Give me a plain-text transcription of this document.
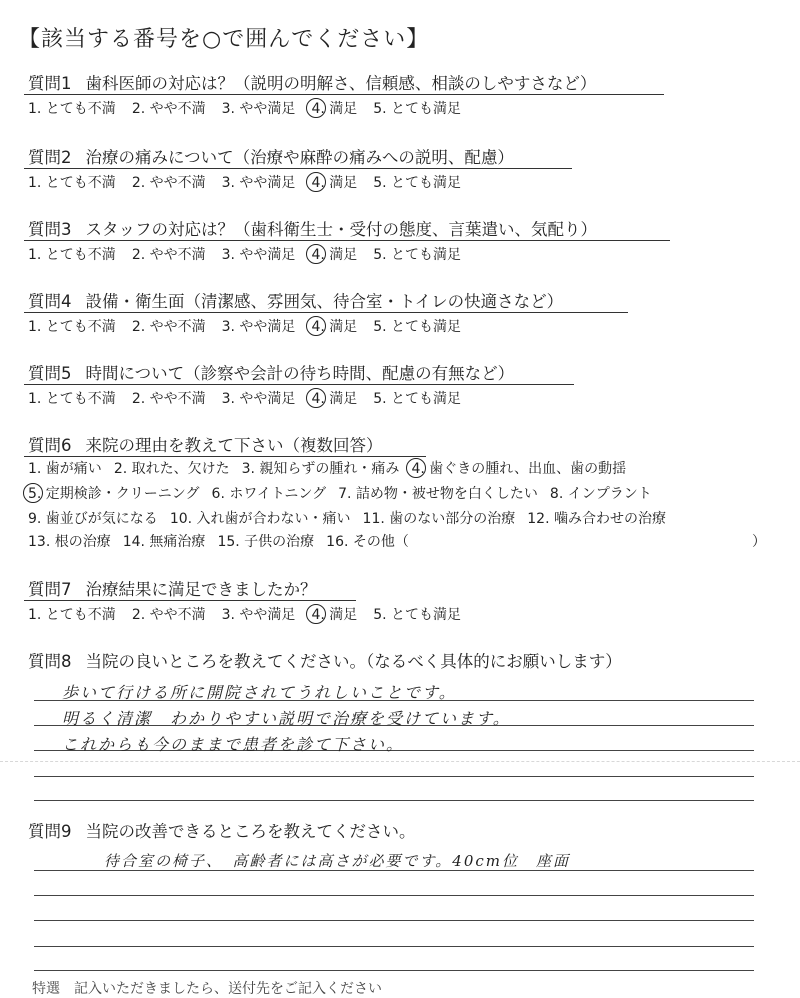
【該当する番号を○で囲んでください】
質問1 歯科医師の対応は？（説明の明解さ、信頼感、相談のしやすさなど）
1. とても不満 2. やや不満 3. やや満足 4. 満足 5. とても満足
質問2 治療の痛みについて（治療や麻酔の痛みへの説明、配慮）
1. とても不満 2. やや不満 3. やや満足 4. 満足 5. とても満足
質問3 スタッフの対応は？（歯科衛生士・受付の態度、言葉遣い、気配り）
1. とても不満 2. やや不満 3. やや満足 4. 満足 5. とても満足
質問4 設備・衛生面（清潔感、雰囲気、待合室・トイレの快適さなど）
1. とても不満 2. やや不満 3. やや満足 4. 満足 5. とても満足
質問5 時間について（診察や会計の待ち時間、配慮の有無など）
1. とても不満 2. やや不満 3. やや満足 4. 満足 5. とても満足
質問6 来院の理由を教えて下さい（複数回答）
1. 歯が痛い 2. 取れた、欠けた 3. 親知らずの腫れ・痛み 4. 歯ぐきの腫れ、出血、歯の動揺
5. 定期検診・クリーニング 6. ホワイトニング 7. 詰め物・被せ物を白くしたい 8. インプラント
9. 歯並びが気になる 10. 入れ歯が合わない・痛い 11. 歯のない部分の治療 12. 噛み合わせの治療
13. 根の治療 14. 無痛治療 15. 子供の治療 16. その他（	）
質問7 治療結果に満足できましたか？
1. とても不満 2. やや不満 3. やや満足 4. 満足 5. とても満足
質問8 当院の良いところを教えてください。（なるべく具体的にお願いします）
歩いて行ける所に開院されてうれしいことです。
明るく清潔　わかりやすい説明で治療を受けています。
これからも今のままで患者を診て下さい。
質問9 当院の改善できるところを教えてください。
待合室の椅子、　高齢者には高さが必要です。40cm位　座面
特選　記入いただきましたら、送付先をご記入ください
